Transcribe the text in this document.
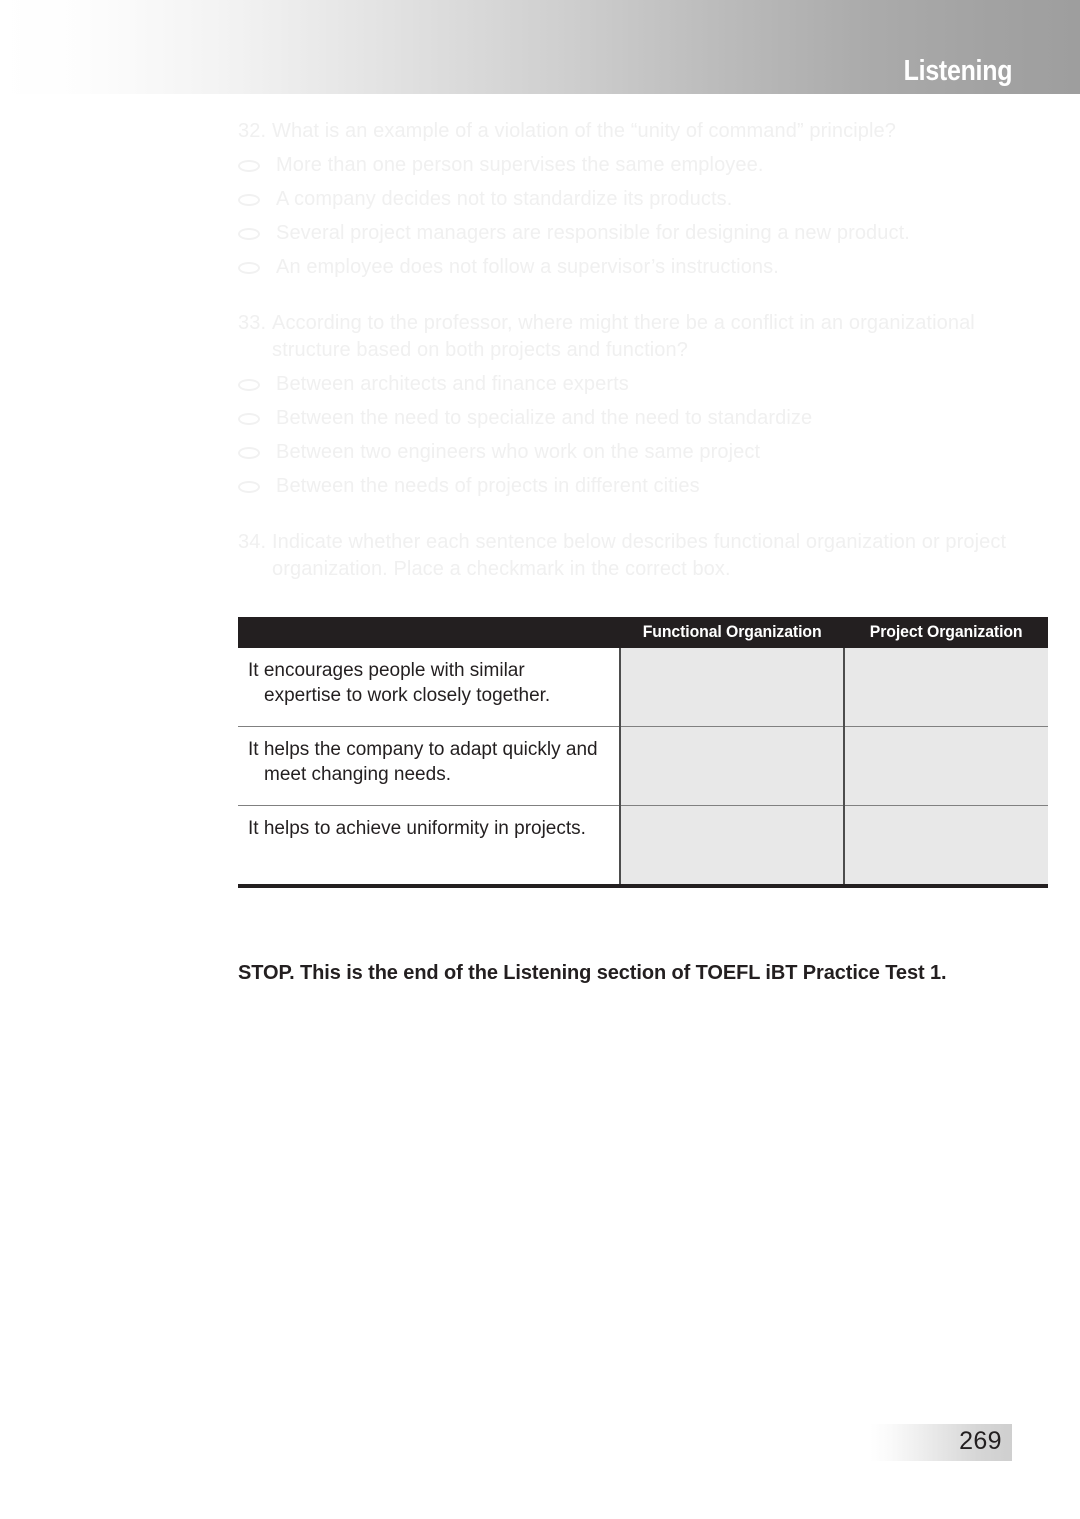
Listening
32. What is an example of a violation of the “unity of command” principle?
More than one person supervises the same employee.
A company decides not to standardize its products.
Several project managers are responsible for designing a new product.
An employee does not follow a supervisor’s instructions.
33. According to the professor, where might there be a conflict in an organizational structure based on both projects and function?
Between architects and finance experts
Between the need to specialize and the need to standardize
Between two engineers who work on the same project
Between the needs of projects in different cities
34. Indicate whether each sentence below describes functional organization or project organization. Place a checkmark in the correct box.
	Functional Organization	Project Organization
It encourages people with similar expertise to work closely together.		
It helps the company to adapt quickly and meet changing needs.		
It helps to achieve uniformity in projects.		
STOP. This is the end of the Listening section of TOEFL iBT Practice Test 1.
269
